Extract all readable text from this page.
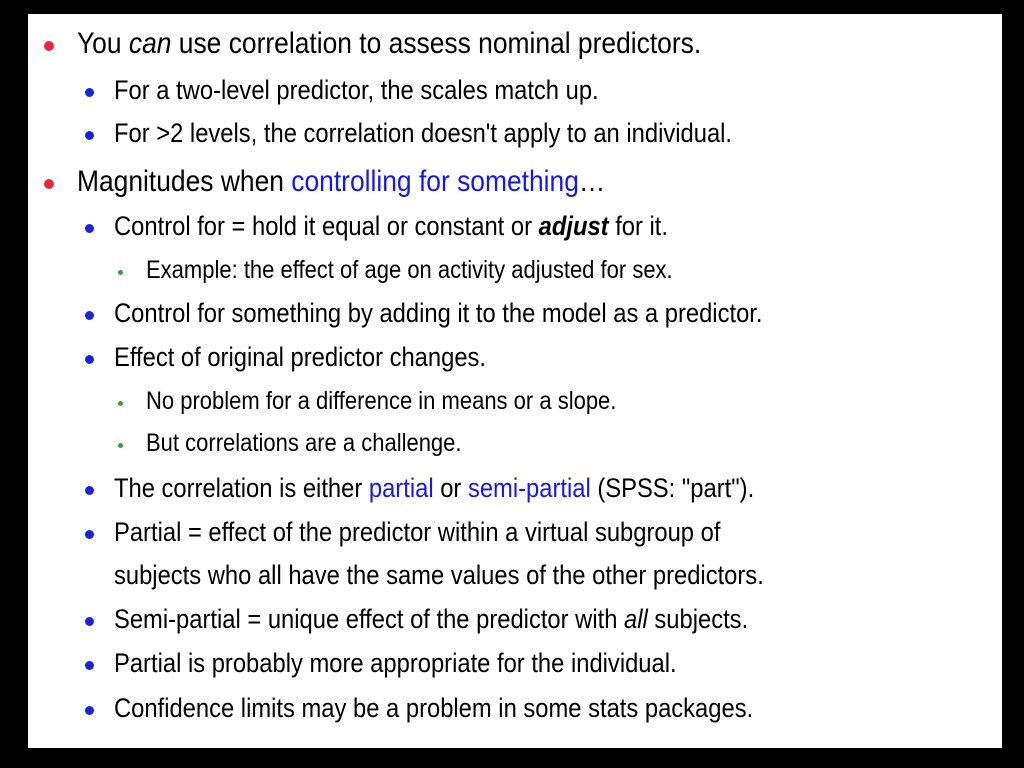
You can use correlation to assess nominal predictors.
For a two-level predictor, the scales match up.
For >2 levels, the correlation doesn't apply to an individual.
Magnitudes when controlling for something…
Control for = hold it equal or constant or adjust for it.
Example: the effect of age on activity adjusted for sex.
Control for something by adding it to the model as a predictor.
Effect of original predictor changes.
No problem for a difference in means or a slope.
But correlations are a challenge.
The correlation is either partial or semi-partial (SPSS: "part").
Partial = effect of the predictor within a virtual subgroup of
subjects who all have the same values of the other predictors.
Semi-partial = unique effect of the predictor with all subjects.
Partial is probably more appropriate for the individual.
Confidence limits may be a problem in some stats packages.
